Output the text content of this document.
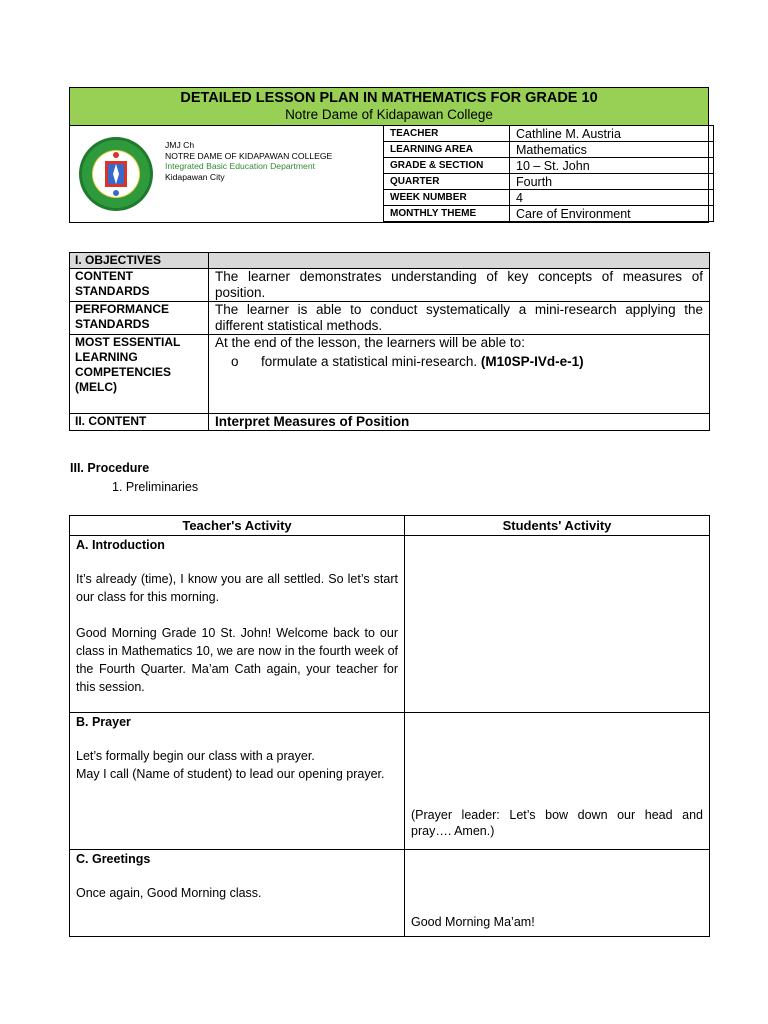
DETAILED LESSON PLAN IN MATHEMATICS FOR GRADE 10
Notre Dame of Kidapawan College
JMJ Ch
NOTRE DAME OF KIDAPAWAN COLLEGE
Integrated Basic Education Department
Kidapawan City
TEACHER	Cathline M. Austria
LEARNING AREA	Mathematics
GRADE & SECTION	10 – St. John
QUARTER	Fourth
WEEK NUMBER	4
MONTHLY THEME	Care of Environment
I. OBJECTIVES	
CONTENT STANDARDS	The learner demonstrates understanding of key concepts of measures of position.
PERFORMANCE STANDARDS	The learner is able to conduct systematically a mini-research applying the different statistical methods.
MOST ESSENTIAL LEARNING COMPETENCIES (MELC)	At the end of the lesson, the learners will be able to:
o formulate a statistical mini-research. (M10SP-IVd-e-1)

II. CONTENT	Interpret Measures of Position
III. Procedure
1. Preliminaries
Teacher's Activity	Students' Activity

A. Introduction
It’s already (time), I know you are all settled. So let’s start our class for this morning.
Good Morning Grade 10 St. John! Welcome back to our class in Mathematics 10, we are now in the fourth week of the Fourth Quarter. Ma’am Cath again, your teacher for this session.	

B. Prayer
Let’s formally begin our class with a prayer.
May I call (Name of student) to lead our opening prayer.	(Prayer leader: Let’s bow down our head and pray…. Amen.)

C. Greetings
Once again, Good Morning class.	Good Morning Ma’am!
